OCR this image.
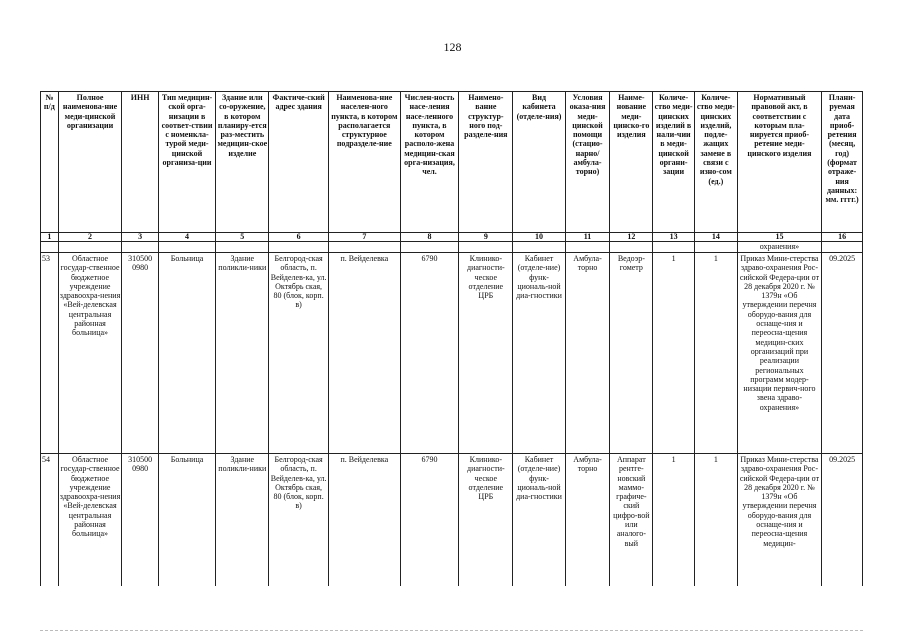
128
№ п/д	Полное наименова-ние меди-цинской организации	ИНН	Тип медицин-ской орга-низации в соответ-ствии с номенкла-турой меди-цинской организа-ции	Здание или со-оружение, в котором планиру-ется раз-местить медицин-ское изделие	Фактиче-ский адрес здания	Наименова-ние населен-ного пункта, в котором располагается структурное подразделе-ние	Числен-ность насе-ления насе-ленного пункта, в котором располо-жена медицин-ская орга-низация, чел.	Наимено-вание структур-ного под-разделе-ния	Вид кабинета (отделе-ния)	Условия оказа-ния меди-цинской помощи (стацио-нарно/ амбула-торно)	Наиме-нование меди-цинско-го изделия	Количе-ство меди-цинских изделий в нали-чии в меди-цинской органи-зации	Количе-ство меди-цинских изделий, подле-жащих замене в связи с изно-сом (ед.)	Нормативный правовой акт, в соответствии с которым пла-нируется приоб-ретение меди-цинского изделия	Плани-руемая дата приоб-ретения (месяц, год) (формат отраже-ния данных: мм. гггг.)
1	2	3	4	5	6	7	8	9	10	11	12	13	14	15	16
														охранения»	
53	Областное государ-ственное бюджетное учреждение здравоохра-нения «Вей-делевская центральная районная больница»	310500 0980	Больница	Здание поликли-ники	Белгород-ская область, п. Вейделев-ка, ул. Октябрь ская, 80 (блок, корп. в)	п. Вейделевка	6790	Клинико-диагности-ческое отделение ЦРБ	Кабинет (отделе-ние) функ-циональ-ной диа-гностики	Амбула-торно	Ведоэр-гометр	1	1	Приказ Мини-стерства здраво-охранения Рос-сийской Федера-ции от 28 декабря 2020 г. № 1379н «Об утверждении перечня оборудо-вания для оснаще-ния и переосна-щения медицин-ских организаций при реализации региональных программ модер-низации первич-ного звена здраво-охранения»	09.2025
54	Областное государ-ственное бюджетное учреждение здравоохра-нения «Вей-делевская центральная районная больница»	310500 0980	Больница	Здание поликли-ники	Белгород-ская область, п. Вейделев-ка, ул. Октябрь ская, 80 (блок, корп. в)	п. Вейделевка	6790	Клинико-диагности-ческое отделение ЦРБ	Кабинет (отделе-ние) функ-циональ-ной диа-гностики	Амбула-торно	Аппарат рентге-новский маммо-графиче-ский цифро-вой или аналого-вый	1	1	Приказ Мини-стерства здраво-охранения Рос-сийской Федера-ции от 28 декабря 2020 г. № 1379н «Об утверждении перечня оборудо-вания для оснаще-ния и переосна-щения медицин-	09.2025
